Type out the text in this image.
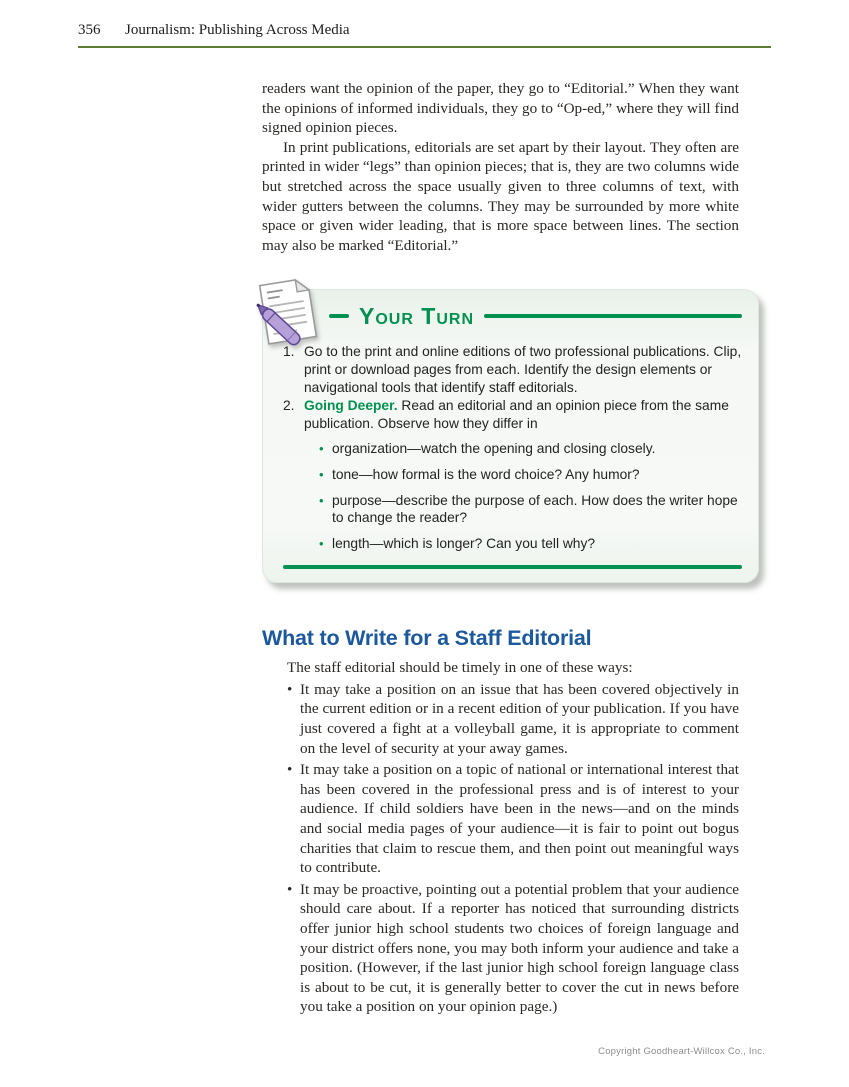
356	Journalism: Publishing Across Media

readers want the opinion of the paper, they go to “Editorial.” When they want the opinions of informed individuals, they go to “Op-ed,” where they will find signed opinion pieces.

In print publications, editorials are set apart by their layout. They often are printed in wider “legs” than opinion pieces; that is, they are two columns wide but stretched across the space usually given to three columns of text, with wider gutters between the columns. They may be surrounded by more white space or given wider leading, that is more space between lines. The section may also be marked “Editorial.”

Your Turn
1. Go to the print and online editions of two professional publications. Clip, print or download pages from each. Identify the design elements or navigational tools that identify staff editorials.
2. Going Deeper. Read an editorial and an opinion piece from the same publication. Observe how they differ in
• organization—watch the opening and closing closely.
• tone—how formal is the word choice? Any humor?
• purpose—describe the purpose of each. How does the writer hope to change the reader?
• length—which is longer? Can you tell why?
What to Write for a Staff Editorial

The staff editorial should be timely in one of these ways:

• It may take a position on an issue that has been covered objectively in the current edition or in a recent edition of your publication. If you have just covered a fight at a volleyball game, it is appropriate to comment on the level of security at your away games.
• It may take a position on a topic of national or international interest that has been covered in the professional press and is of interest to your audience. If child soldiers have been in the news—and on the minds and social media pages of your audience—it is fair to point out bogus charities that claim to rescue them, and then point out meaningful ways to contribute.
• It may be proactive, pointing out a potential problem that your audience should care about. If a reporter has noticed that surrounding districts offer junior high school students two choices of foreign language and your district offers none, you may both inform your audience and take a position. (However, if the last junior high school foreign language class is about to be cut, it is generally better to cover the cut in news before you take a position on your opinion page.)
Copyright Goodheart-Willcox Co., Inc.
